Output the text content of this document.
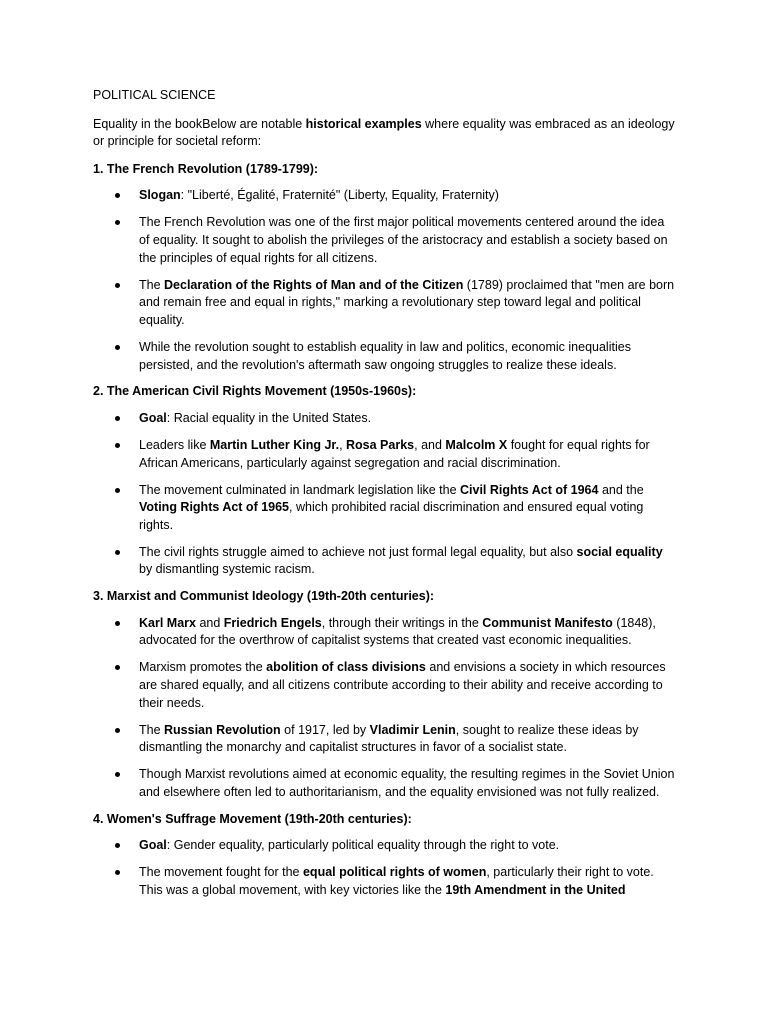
POLITICAL SCIENCE

Equality in the bookBelow are notable historical examples where equality was embraced as an ideology or principle for societal reform:

1. The French Revolution (1789-1799):

Slogan: "Liberté, Égalité, Fraternité" (Liberty, Equality, Fraternity)
The French Revolution was one of the first major political movements centered around the idea of equality. It sought to abolish the privileges of the aristocracy and establish a society based on the principles of equal rights for all citizens.
The Declaration of the Rights of Man and of the Citizen (1789) proclaimed that "men are born and remain free and equal in rights," marking a revolutionary step toward legal and political equality.
While the revolution sought to establish equality in law and politics, economic inequalities persisted, and the revolution's aftermath saw ongoing struggles to realize these ideals.

2. The American Civil Rights Movement (1950s-1960s):

Goal: Racial equality in the United States.
Leaders like Martin Luther King Jr., Rosa Parks, and Malcolm X fought for equal rights for African Americans, particularly against segregation and racial discrimination.
The movement culminated in landmark legislation like the Civil Rights Act of 1964 and the Voting Rights Act of 1965, which prohibited racial discrimination and ensured equal voting rights.
The civil rights struggle aimed to achieve not just formal legal equality, but also social equality by dismantling systemic racism.

3. Marxist and Communist Ideology (19th-20th centuries):

Karl Marx and Friedrich Engels, through their writings in the Communist Manifesto (1848), advocated for the overthrow of capitalist systems that created vast economic inequalities.
Marxism promotes the abolition of class divisions and envisions a society in which resources are shared equally, and all citizens contribute according to their ability and receive according to their needs.
The Russian Revolution of 1917, led by Vladimir Lenin, sought to realize these ideas by dismantling the monarchy and capitalist structures in favor of a socialist state.
Though Marxist revolutions aimed at economic equality, the resulting regimes in the Soviet Union and elsewhere often led to authoritarianism, and the equality envisioned was not fully realized.

4. Women's Suffrage Movement (19th-20th centuries):

Goal: Gender equality, particularly political equality through the right to vote.
The movement fought for the equal political rights of women, particularly their right to vote. This was a global movement, with key victories like the 19th Amendment in the United
